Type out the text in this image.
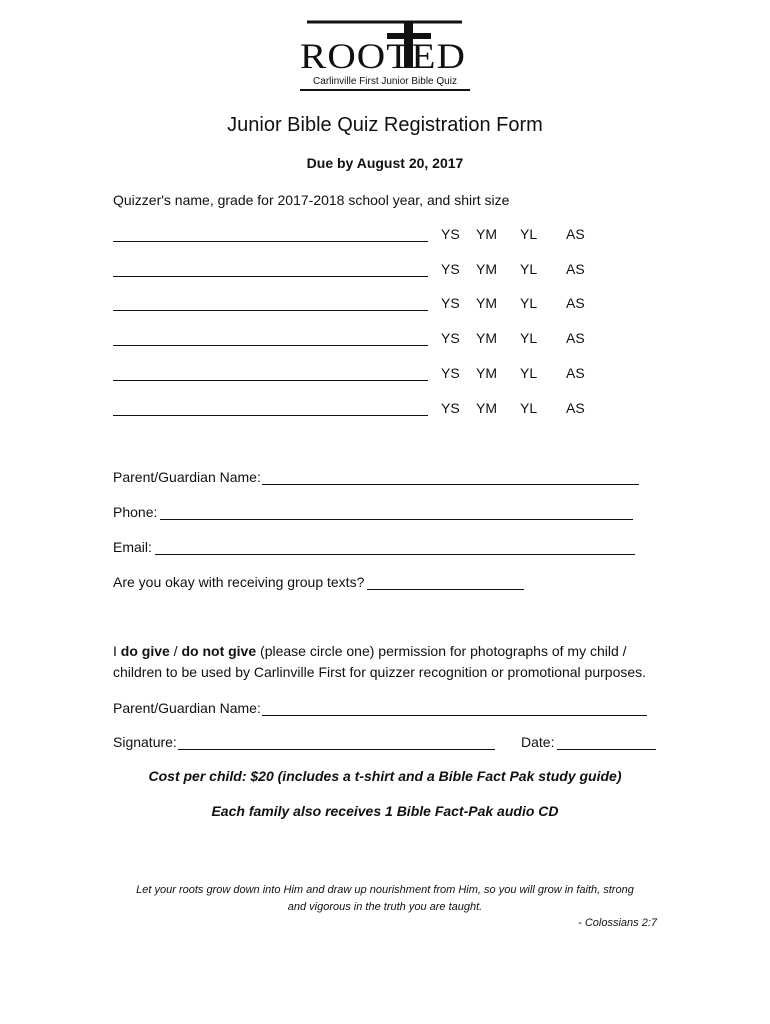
ROOTED
Carlinville First Junior Bible Quiz
Junior Bible Quiz Registration Form
Due by August 20, 2017
Quizzer's name, grade for 2017-2018 school year, and shirt size
YS YM YL AS
YS YM YL AS
YS YM YL AS
YS YM YL AS
YS YM YL AS
YS YM YL AS
Parent/Guardian Name:
Phone:
Email:
Are you okay with receiving group texts?
I do give / do not give (please circle one) permission for photographs of my child /
children to be used by Carlinville First for quizzer recognition or promotional purposes.
Parent/Guardian Name:
Signature:	Date:
Cost per child: $20 (includes a t-shirt and a Bible Fact Pak study guide)
Each family also receives 1 Bible Fact-Pak audio CD
Let your roots grow down into Him and draw up nourishment from Him, so you will grow in faith, strong
and vigorous in the truth you are taught.
- Colossians 2:7
